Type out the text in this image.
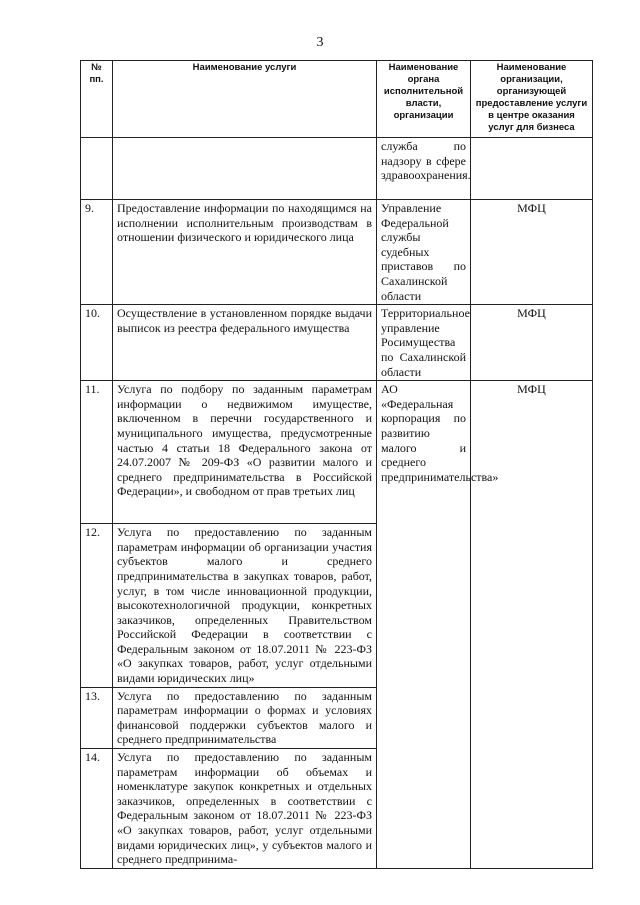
3
№ пп.	Наименование услуги	Наименование органа исполнительной власти, организации	Наименование организации, организующей предоставление услуги в центре оказания услуг для бизнеса
		служба по надзору в сфере здравоохранения.	
9.	Предоставление информации по находящимся на исполнении исполнительным производствам в отношении физического и юридического лица	Управление Федеральной службы судебных приставов по Сахалинской области	МФЦ
10.	Осуществление в установленном порядке выдачи выписок из реестра федерального имущества	Территориальное управление Росимущества по Сахалинской области	МФЦ
11.	Услуга по подбору по заданным параметрам информации о недвижимом имуществе, включенном в перечни государственного и муниципального имущества, предусмотренные частью 4 статьи 18 Федерального закона от 24.07.2007 № 209-ФЗ «О развитии малого и среднего предпринимательства в Российской Федерации», и свободном от прав третьих лиц	АО «Федеральная корпорация по развитию малого и среднего предпринимательства»	МФЦ
12.	Услуга по предоставлению по заданным параметрам информации об организации участия субъектов малого и среднего предпринимательства в закупках товаров, работ, услуг, в том числе инновационной продукции, высокотехнологичной продукции, конкретных заказчиков, определенных Правительством Российской Федерации в соответствии с Федеральным законом от 18.07.2011 № 223-ФЗ «О закупках товаров, работ, услуг отдельными видами юридических лиц»		
13.	Услуга по предоставлению по заданным параметрам информации о формах и условиях финансовой поддержки субъектов малого и среднего предпринимательства		
14.	Услуга по предоставлению по заданным параметрам информации об объемах и номенклатуре закупок конкретных и отдельных заказчиков, определенных в соответствии с Федеральным законом от 18.07.2011 № 223-ФЗ «О закупках товаров, работ, услуг отдельными видами юридических лиц», у субъектов малого и среднего предпринима-		
